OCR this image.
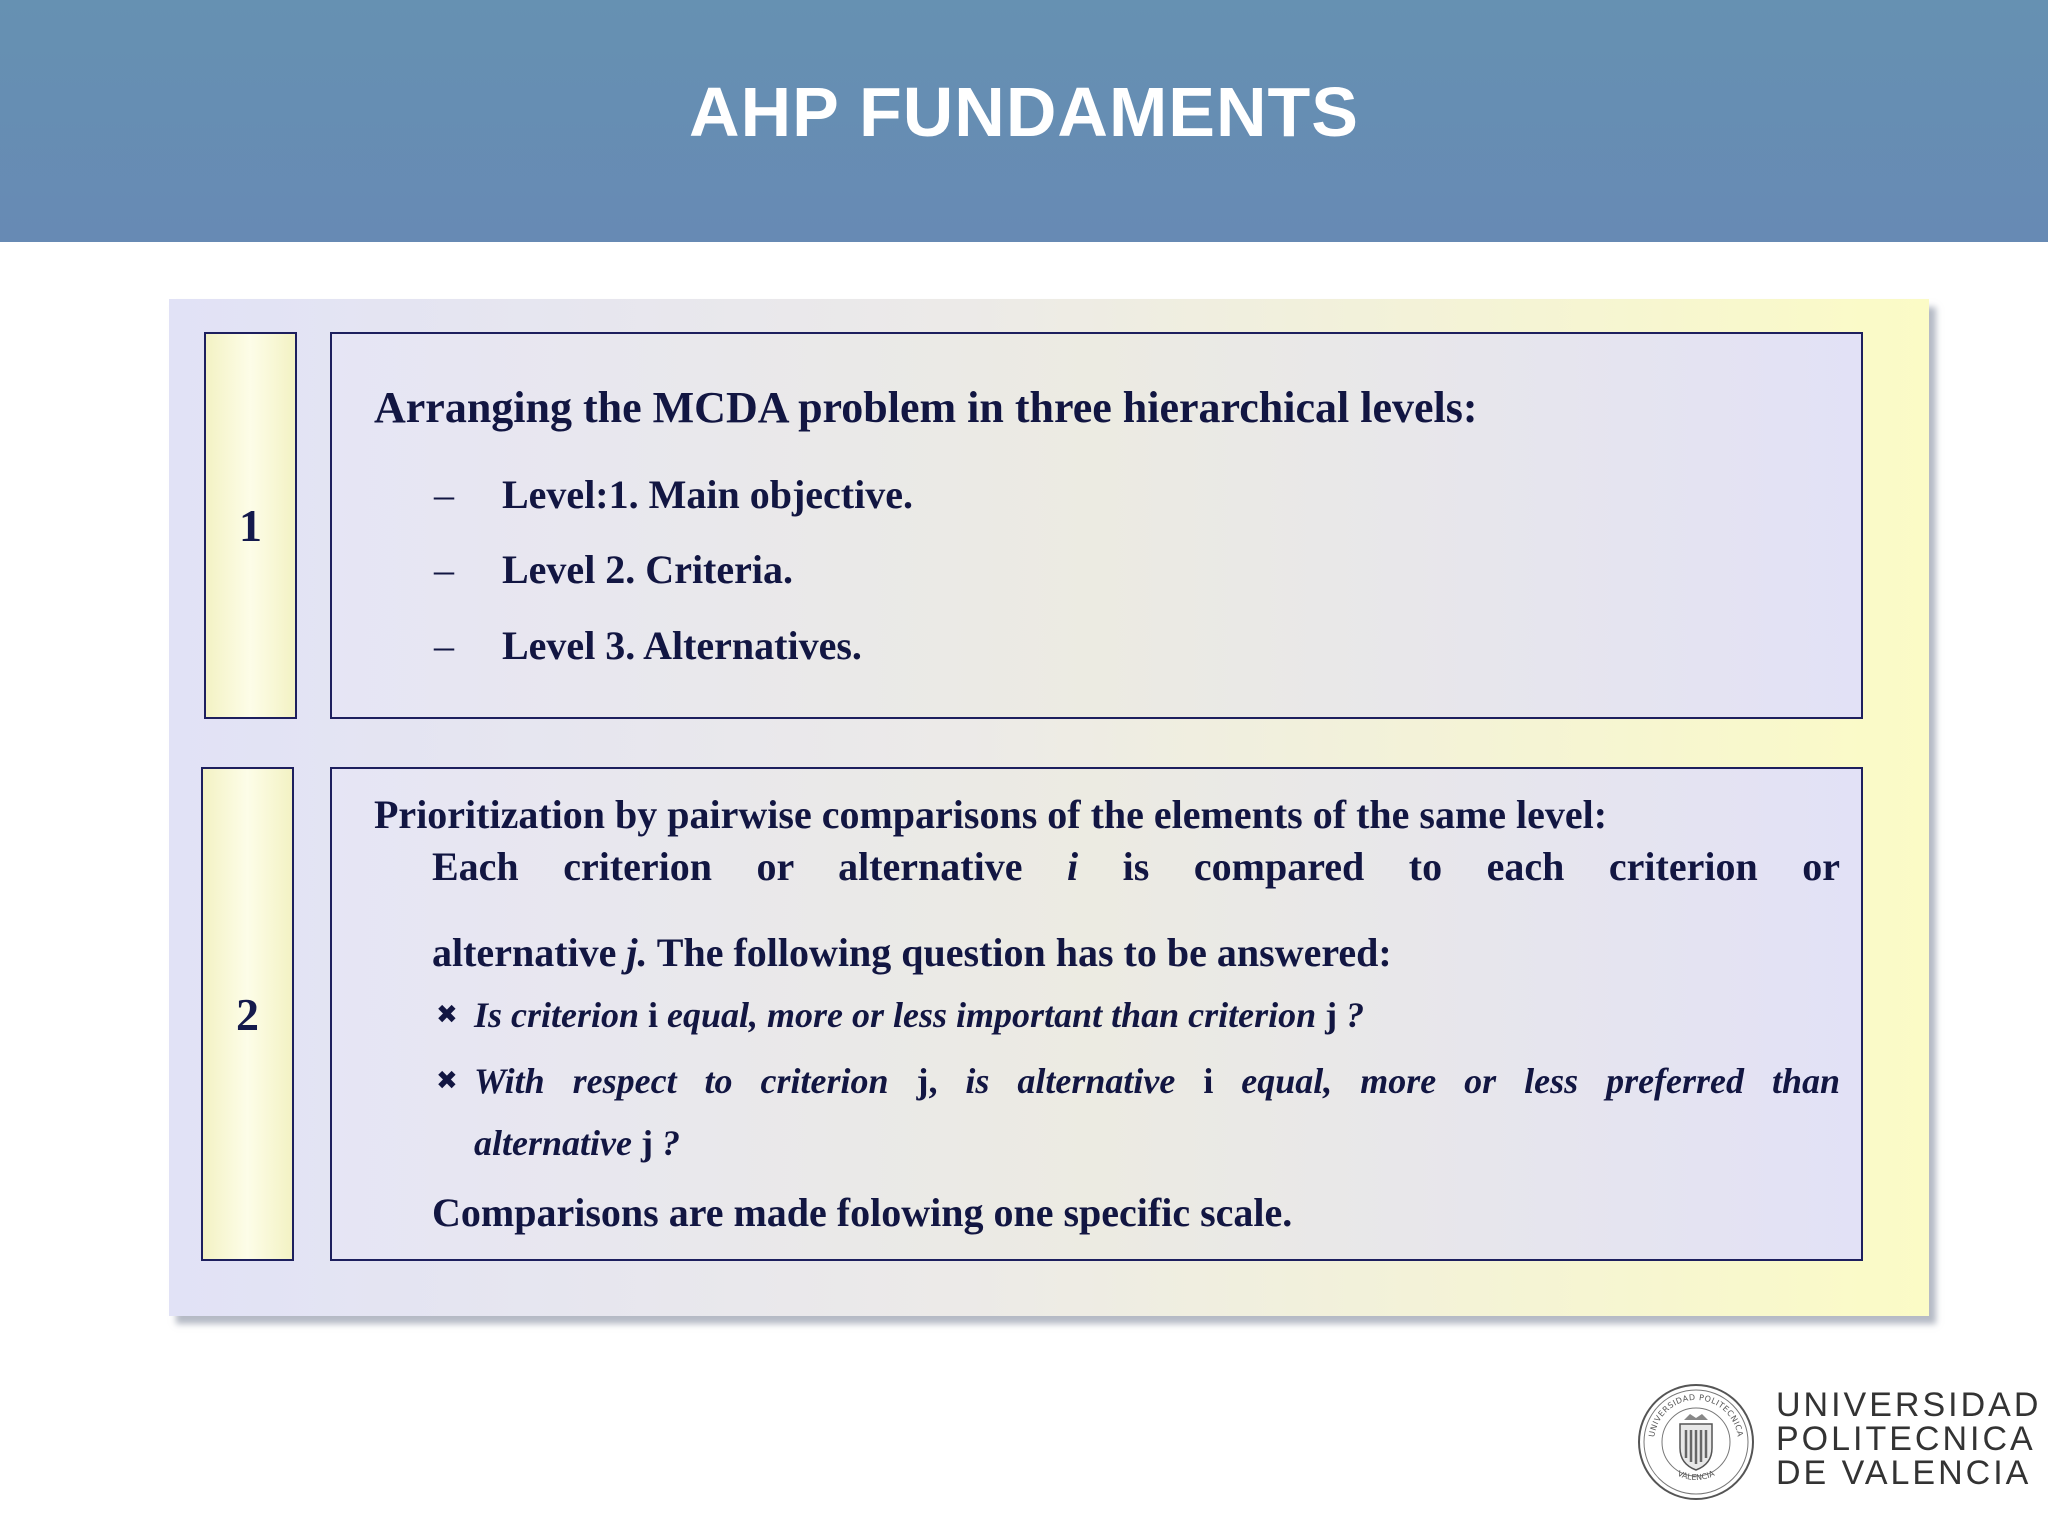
AHP FUNDAMENTS
1
Arranging the MCDA problem in three hierarchical levels:
– Level:1. Main objective.
– Level 2. Criteria.
– Level 3. Alternatives.
2
Prioritization by pairwise comparisons of the elements of the same level:
Each criterion or alternative i is compared to each criterion or
alternative j. The following question has to be answered:
✖ Is criterion i equal, more or less important than criterion j ?
✖ With respect to criterion j, is alternative i equal, more or less preferred than
alternative j ?
Comparisons are made folowing one specific scale.
UNIVERSIDAD POLITECNICA
VALENCIA
UNIVERSIDAD
POLITECNICA
DE VALENCIA
